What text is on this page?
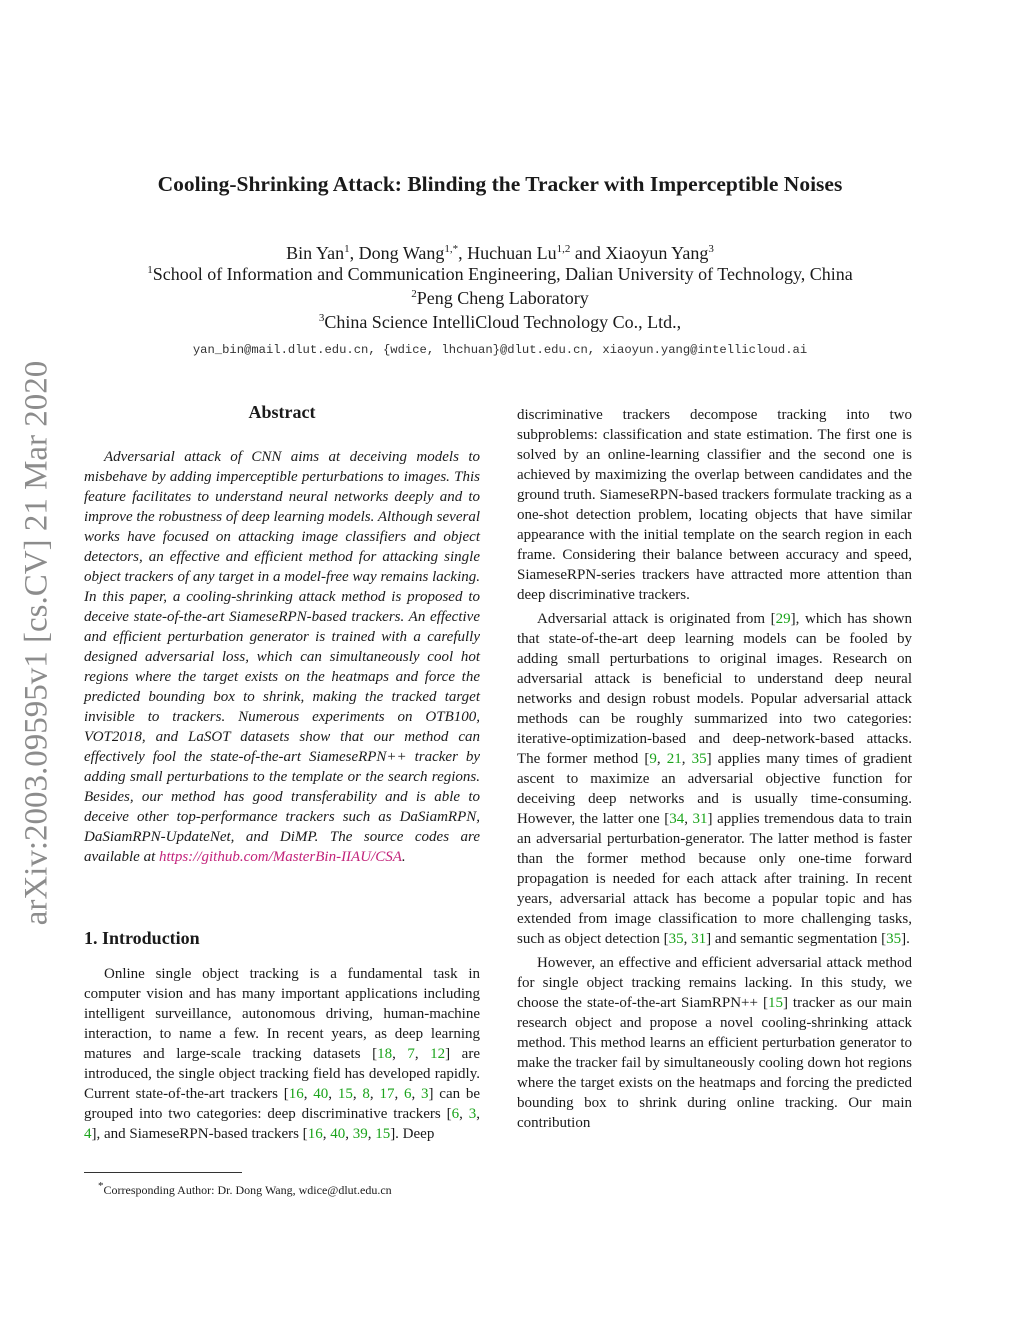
arXiv:2003.09595v1 [cs.CV] 21 Mar 2020
Cooling-Shrinking Attack: Blinding the Tracker with Imperceptible Noises
Bin Yan$^1$, Dong Wang$^{1,*}$, Huchuan Lu$^{1,2}$ and Xiaoyun Yang$^3$
$^1$School of Information and Communication Engineering, Dalian University of Technology, China
$^2$Peng Cheng Laboratory
$^3$China Science IntelliCloud Technology Co., Ltd.,
yan_bin@mail.dlut.edu.cn, {wdice, lhchuan}@dlut.edu.cn, xiaoyun.yang@intellicloud.ai
Abstract

Adversarial attack of CNN aims at deceiving models to misbehave by adding imperceptible perturbations to images. This feature facilitates to understand neural networks deeply and to improve the robustness of deep learning models. Although several works have focused on attacking image classifiers and object detectors, an effective and efficient method for attacking single object trackers of any target in a model-free way remains lacking. In this paper, a cooling-shrinking attack method is proposed to deceive state-of-the-art SiameseRPN-based trackers. An effective and efficient perturbation generator is trained with a carefully designed adversarial loss, which can simultaneously cool hot regions where the target exists on the heatmaps and force the predicted bounding box to shrink, making the tracked target invisible to trackers. Numerous experiments on OTB100, VOT2018, and LaSOT datasets show that our method can effectively fool the state-of-the-art SiameseRPN++ tracker by adding small perturbations to the template or the search regions. Besides, our method has good transferability and is able to deceive other top-performance trackers such as DaSiamRPN, DaSiamRPN-UpdateNet, and DiMP. The source codes are available at https://github.com/MasterBin-IIAU/CSA.

1. Introduction

Online single object tracking is a fundamental task in computer vision and has many important applications including intelligent surveillance, autonomous driving, human-machine interaction, to name a few. In recent years, as deep learning matures and large-scale tracking datasets [18, 7, 12] are introduced, the single object tracking field has developed rapidly. Current state-of-the-art trackers [16, 40, 15, 8, 17, 6, 3] can be grouped into two categories: deep discriminative trackers [6, 3, 4], and SiameseRPN-based trackers [16, 40, 39, 15]. Deep

discriminative trackers decompose tracking into two subproblems: classification and state estimation. The first one is solved by an online-learning classifier and the second one is achieved by maximizing the overlap between candidates and the ground truth. SiameseRPN-based trackers formulate tracking as a one-shot detection problem, locating objects that have similar appearance with the initial template on the search region in each frame. Considering their balance between accuracy and speed, SiameseRPN-series trackers have attracted more attention than deep discriminative trackers.

Adversarial attack is originated from [29], which has shown that state-of-the-art deep learning models can be fooled by adding small perturbations to original images. Research on adversarial attack is beneficial to understand deep neural networks and design robust models. Popular adversarial attack methods can be roughly summarized into two categories: iterative-optimization-based and deep-network-based attacks. The former method [9, 21, 35] applies many times of gradient ascent to maximize an adversarial objective function for deceiving deep networks and is usually time-consuming. However, the latter one [34, 31] applies tremendous data to train an adversarial perturbation-generator. The latter method is faster than the former method because only one-time forward propagation is needed for each attack after training. In recent years, adversarial attack has become a popular topic and has extended from image classification to more challenging tasks, such as object detection [35, 31] and semantic segmentation [35].

However, an effective and efficient adversarial attack method for single object tracking remains lacking. In this study, we choose the state-of-the-art SiamRPN++ [15] tracker as our main research object and propose a novel cooling-shrinking attack method. This method learns an efficient perturbation generator to make the tracker fail by simultaneously cooling down hot regions where the target exists on the heatmaps and forcing the predicted bounding box to shrink during online tracking. Our main contribution

*Corresponding Author: Dr. Dong Wang, wdice@dlut.edu.cn
